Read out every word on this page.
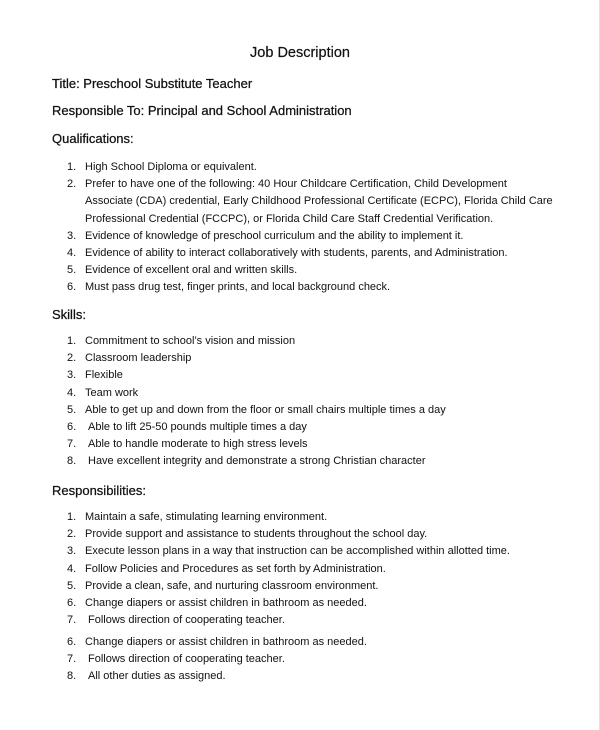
Job Description

Title: Preschool Substitute Teacher

Responsible To: Principal and School Administration

Qualifications:

1. High School Diploma or equivalent.
2. Prefer to have one of the following: 40 Hour Childcare Certification, Child Development
Associate (CDA) credential, Early Childhood Professional Certificate (ECPC), Florida Child Care
Professional Credential (FCCPC), or Florida Child Care Staff Credential Verification.
3. Evidence of knowledge of preschool curriculum and the ability to implement it.
4. Evidence of ability to interact collaboratively with students, parents, and Administration.
5. Evidence of excellent oral and written skills.
6. Must pass drug test, finger prints, and local background check.

Skills:

1. Commitment to school’s vision and mission
2. Classroom leadership
3. Flexible
4. Team work
5. Able to get up and down from the floor or small chairs multiple times a day
6. Able to lift 25-50 pounds multiple times a day
7. Able to handle moderate to high stress levels
8. Have excellent integrity and demonstrate a strong Christian character

Responsibilities:

1. Maintain a safe, stimulating learning environment.
2. Provide support and assistance to students throughout the school day.
3. Execute lesson plans in a way that instruction can be accomplished within allotted time.
4. Follow Policies and Procedures as set forth by Administration.
5. Provide a clean, safe, and nurturing classroom environment.
6. Change diapers or assist children in bathroom as needed.
7. Follows direction of cooperating teacher.
6. Change diapers or assist children in bathroom as needed.
7. Follows direction of cooperating teacher.
8. All other duties as assigned.
